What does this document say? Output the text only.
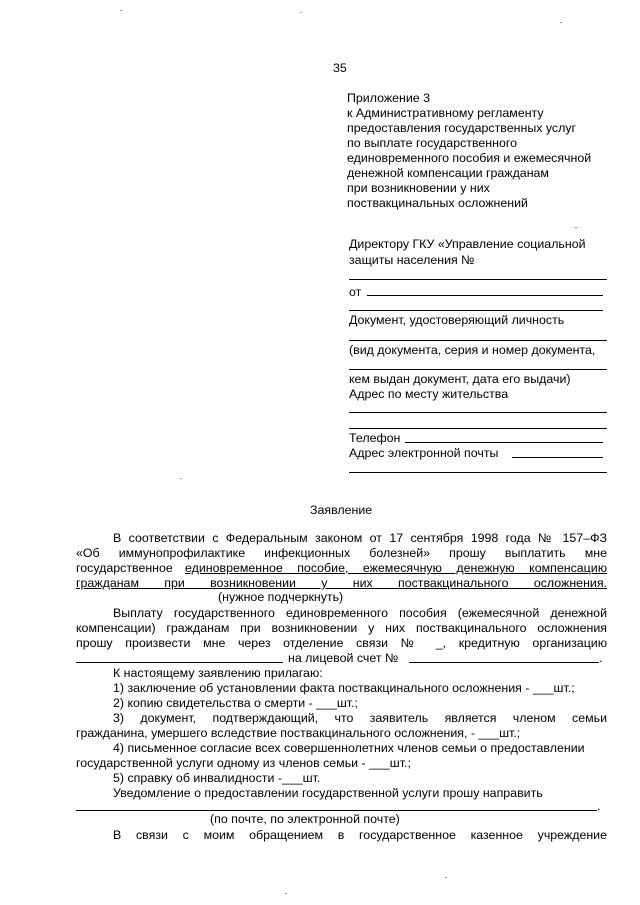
35
Приложение 3
к Административному регламенту
предоставления государственных услуг
по выплате государственного
единовременного пособия и ежемесячной
денежной компенсации гражданам
при возникновении у них
поствакцинальных осложнений
Директору ГКУ «Управление социальной
защиты населения №
от
Документ, удостоверяющий личность
(вид документа, серия и номер документа,
кем выдан документ, дата его выдачи)
Адрес по месту жительства
Телефон
Адрес электронной почты
Заявление
В соответствии с Федеральным законом от 17 сентября 1998 года № 157–ФЗ
«Об иммунопрофилактике инфекционных болезней» прошу выплатить мне
государственное единовременное пособие, ежемесячную денежную компенсацию
гражданам при возникновении у них поствакцинального осложнения.
(нужное подчеркнуть)
Выплату государственного единовременного пособия (ежемесячной денежной
компенсации) гражданам при возникновении у них поствакцинального осложнения
прошу произвести мне через отделение связи № _, кредитную организацию
на лицевой счет №	.
К настоящему заявлению прилагаю:
1) заключение об установлении факта поствакцинального осложнения - ___шт.;
2) копию свидетельства о смерти - ___шт.;
3) документ, подтверждающий, что заявитель является членом семьи
гражданина, умершего вследствие поствакцинального осложнения, - ___шт.;
4) письменное согласие всех совершеннолетних членов семьи о предоставлении
государственной услуги одному из членов семьи - ___шт.;
5) справку об инвалидности -___шт.
Уведомление о предоставлении государственной услуги прошу направить
.
(по почте, по электронной почте)
В связи с моим обращением в государственное казенное учреждение
